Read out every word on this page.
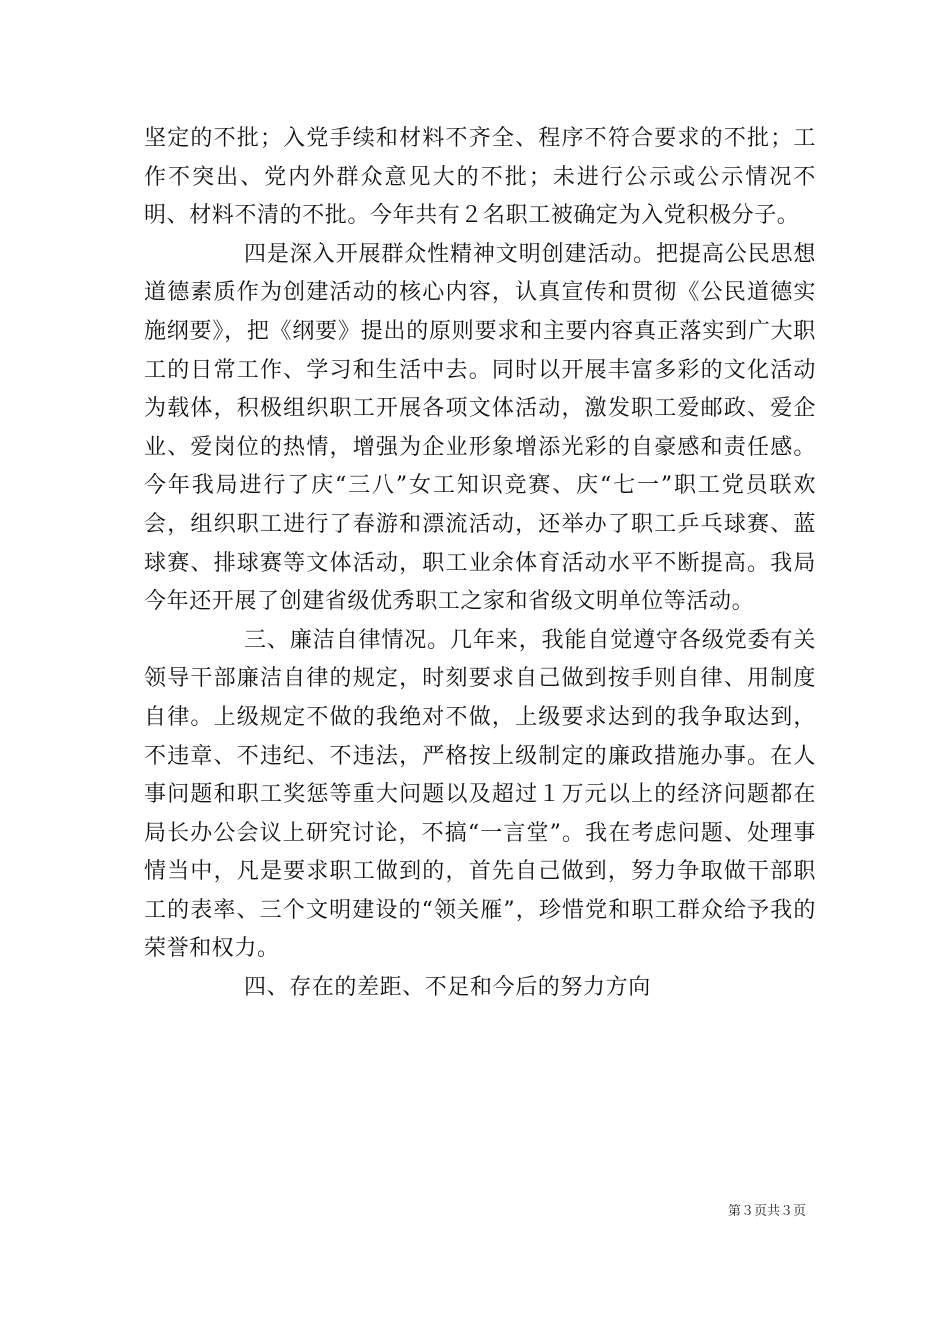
坚定的不批；入党手续和材料不齐全、程序不符合要求的不批；工作不突出、党内外群众意见大的不批；未进行公示或公示情况不明、材料不清的不批。今年共有２名职工被确定为入党积极分子。

四是深入开展群众性精神文明创建活动。把提高公民思想道德素质作为创建活动的核心内容，认真宣传和贯彻《公民道德实施纲要》，把《纲要》提出的原则要求和主要内容真正落实到广大职工的日常工作、学习和生活中去。同时以开展丰富多彩的文化活动为载体，积极组织职工开展各项文体活动，激发职工爱邮政、爱企业、爱岗位的热情，增强为企业形象增添光彩的自豪感和责任感。今年我局进行了庆“三八”女工知识竞赛、庆“七一”职工党员联欢会，组织职工进行了春游和漂流活动，还举办了职工乒乓球赛、蓝球赛、排球赛等文体活动，职工业余体育活动水平不断提高。我局今年还开展了创建省级优秀职工之家和省级文明单位等活动。

三、廉洁自律情况。几年来，我能自觉遵守各级党委有关领导干部廉洁自律的规定，时刻要求自己做到按手则自律、用制度自律。上级规定不做的我绝对不做，上级要求达到的我争取达到，不违章、不违纪、不违法，严格按上级制定的廉政措施办事。在人事问题和职工奖惩等重大问题以及超过１万元以上的经济问题都在局长办公会议上研究讨论，不搞“一言堂”。我在考虑问题、处理事情当中，凡是要求职工做到的，首先自己做到，努力争取做干部职工的表率、三个文明建设的“领关雁”，珍惜党和职工群众给予我的荣誉和权力。

四、存在的差距、不足和今后的努力方向

第３页共３页
